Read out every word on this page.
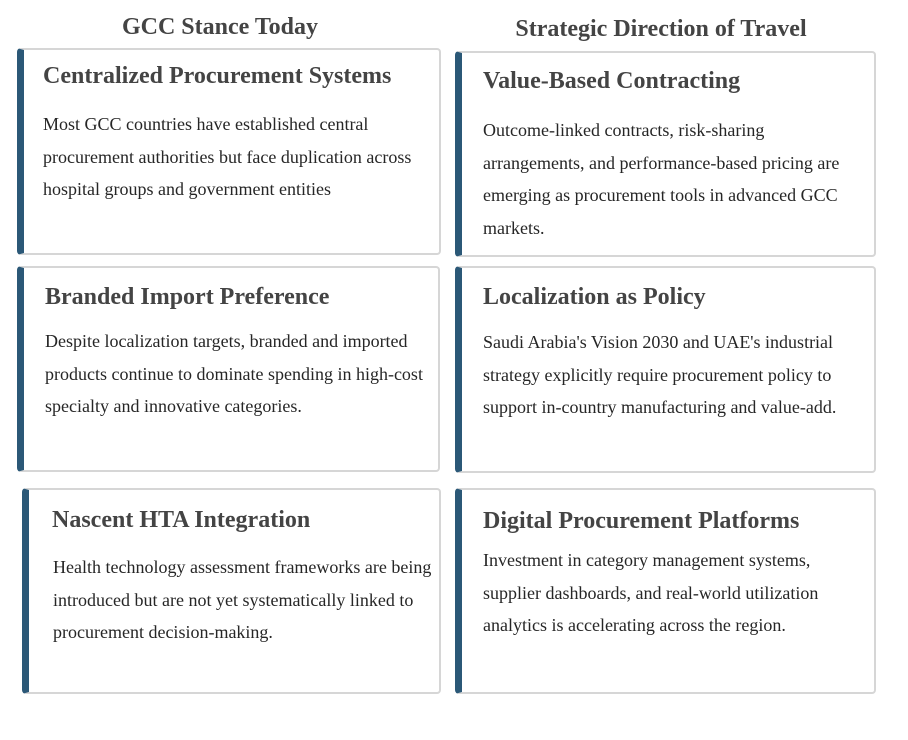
GCC Stance Today	Strategic Direction of Travel
Centralized Procurement Systems
Most GCC countries have established central procurement authorities but face duplication across hospital groups and government entities
Branded Import Preference
Despite localization targets, branded and imported products continue to dominate spending in high-cost specialty and innovative categories.
Nascent HTA Integration
Health technology assessment frameworks are being introduced but are not yet systematically linked to procurement decision-making.
Value-Based Contracting
Outcome-linked contracts, risk-sharing arrangements, and performance-based pricing are emerging as procurement tools in advanced GCC markets.
Localization as Policy
Saudi Arabia's Vision 2030 and UAE's industrial strategy explicitly require procurement policy to support in-country manufacturing and value-add.
Digital Procurement Platforms
Investment in category management systems, supplier dashboards, and real-world utilization analytics is accelerating across the region.
